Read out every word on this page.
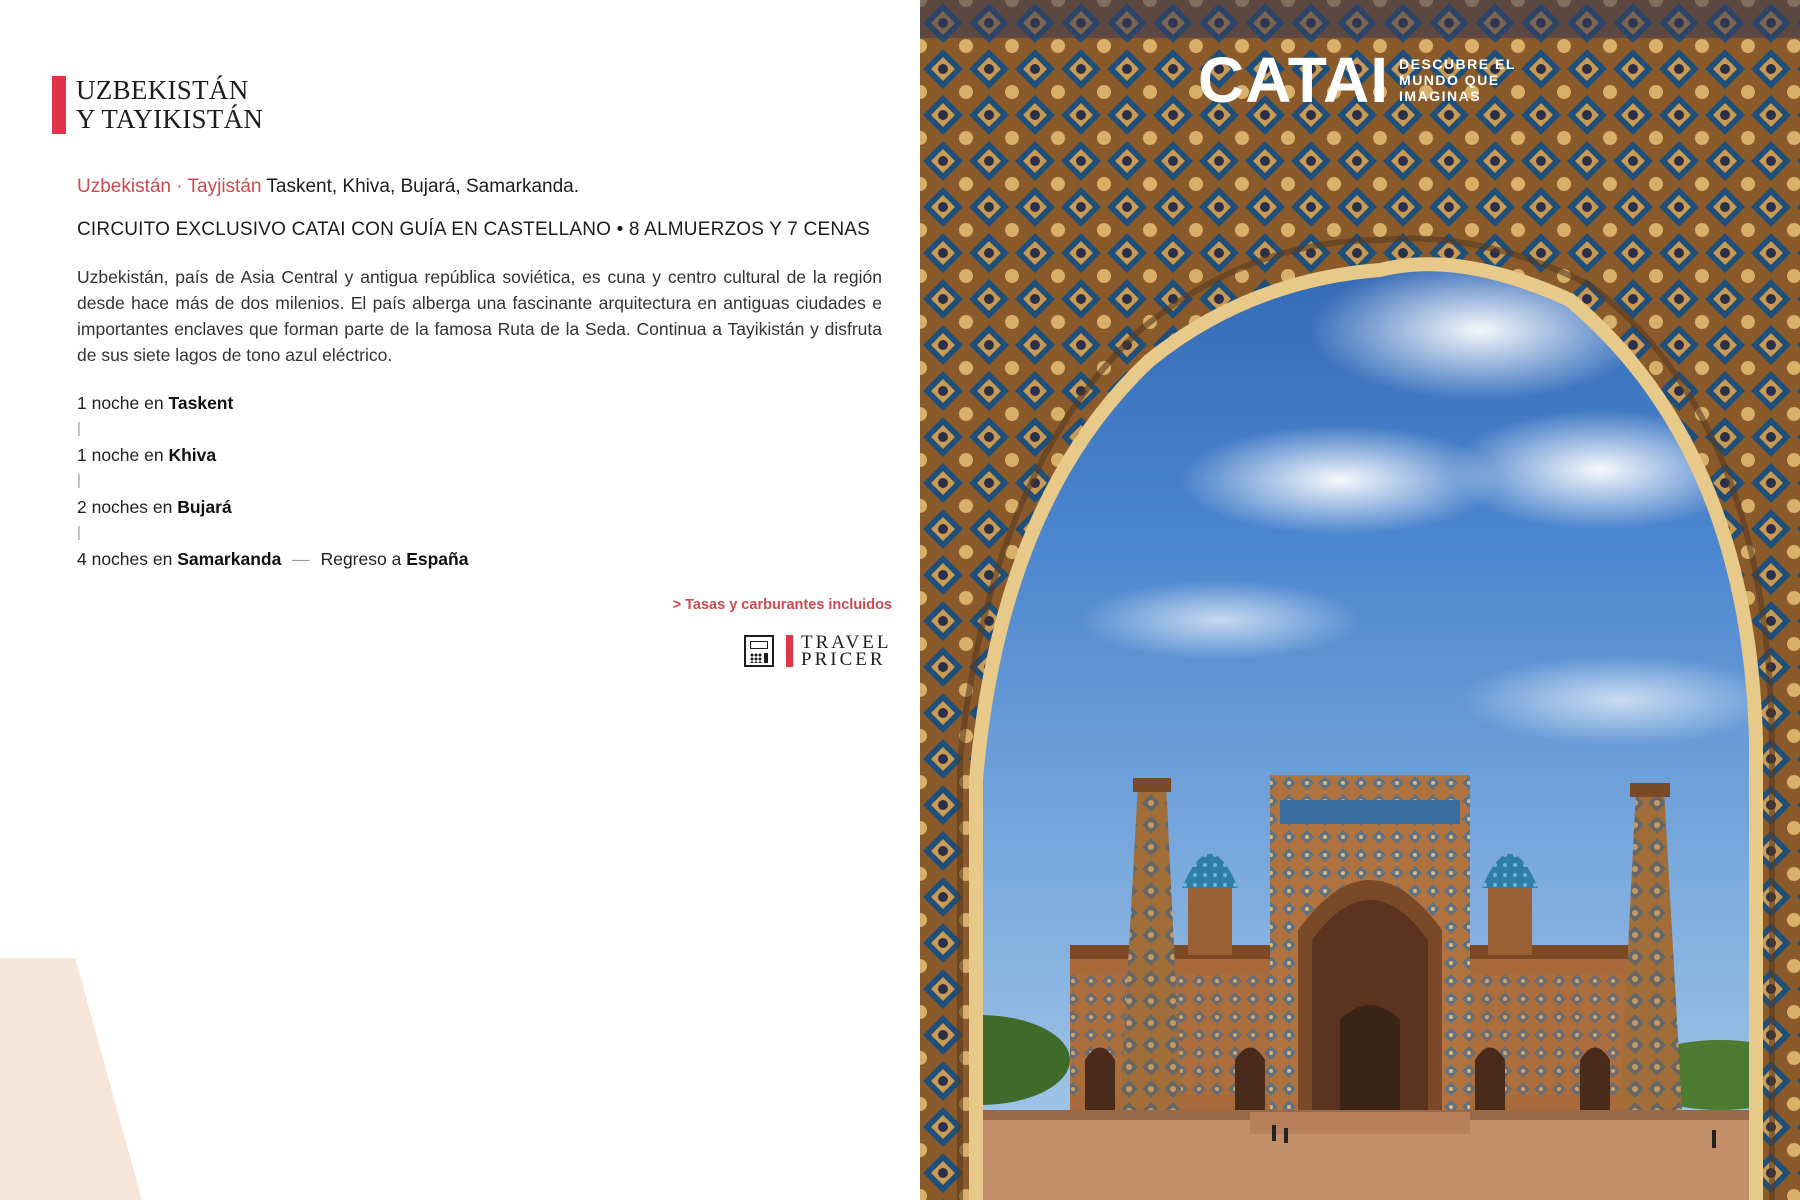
UZBEKISTÁN
Y TAYIKISTÁN
Uzbekistán · Tayjistán Taskent, Khiva, Bujará, Samarkanda.
CIRCUITO EXCLUSIVO CATAI CON GUÍA EN CASTELLANO • 8 ALMUERZOS Y 7 CENAS

Uzbekistán, país de Asia Central y antigua república soviética, es cuna y centro cultural de la región desde hace más de dos milenios. El país alberga una fascinante arquitectura en antiguas ciudades e importantes enclaves que forman parte de la famosa Ruta de la Seda. Continua a Tayikistán y disfruta de sus siete lagos de tono azul eléctrico.

1 noche en Taskent
|
1 noche en Khiva
|
2 noches en Bujará
|
4 noches en Samarkanda — Regreso a España
> Tasas y carburantes incluidos
TRAVEL
PRICER
CATAI DESCUBRE EL
MUNDO QUE
IMAGINAS
